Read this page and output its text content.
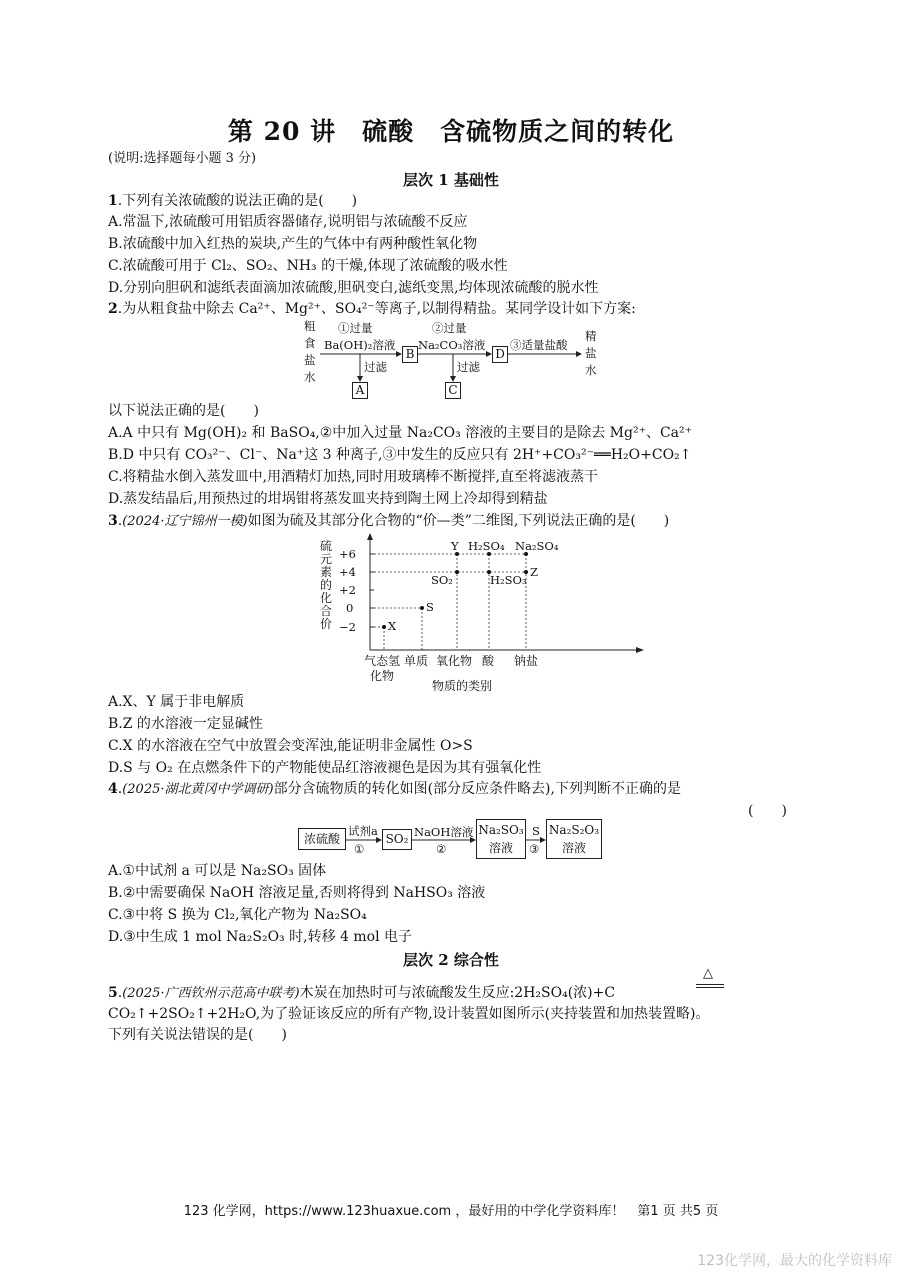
第 20 讲　硫酸　含硫物质之间的转化
(说明:选择题每小题 3 分)
层次 1 基础性
1.下列有关浓硫酸的说法正确的是(　　)
A.常温下,浓硫酸可用铝质容器储存,说明铝与浓硫酸不反应
B.浓硫酸中加入红热的炭块,产生的气体中有两种酸性氧化物
C.浓硫酸可用于 Cl₂、SO₂、NH₃ 的干燥,体现了浓硫酸的吸水性
D.分别向胆矾和滤纸表面滴加浓硫酸,胆矾变白,滤纸变黑,均体现浓硫酸的脱水性
2.为从粗食盐中除去 Ca²⁺、Mg²⁺、SO₄²⁻等离子,以制得精盐。某同学设计如下方案:
粗
食
盐
水
①过量
Ba(OH)₂溶液
过滤
A
B
②过量
Na₂CO₃溶液
过滤
C
D
③适量盐酸
精
盐
水
以下说法正确的是(　　)
A.A 中只有 Mg(OH)₂ 和 BaSO₄,②中加入过量 Na₂CO₃ 溶液的主要目的是除去 Mg²⁺、Ca²⁺
B.D 中只有 CO₃²⁻、Cl⁻、Na⁺这 3 种离子,③中发生的反应只有 2H⁺+CO₃²⁻══H₂O+CO₂↑
C.将精盐水倒入蒸发皿中,用酒精灯加热,同时用玻璃棒不断搅拌,直至将滤液蒸干
D.蒸发结晶后,用预热过的坩埚钳将蒸发皿夹持到陶土网上冷却得到精盐
3.(2024·辽宁锦州一模)如图为硫及其部分化合物的“价—类”二维图,下列说法正确的是(　　)
硫元素的化合价
+6
+4
+2
0
−2
Y H₂SO₄ Na₂SO₄
SO₂	H₂SO₃
Z
S
X
气态氢
化物
单质 氧化物 酸 钠盐
物质的类别
A.X、Y 属于非电解质
B.Z 的水溶液一定显碱性
C.X 的水溶液在空气中放置会变浑浊,能证明非金属性 O>S
D.S 与 O₂ 在点燃条件下的产物能使品红溶液褪色是因为其有强氧化性
4.(2025·湖北黄冈中学调研)部分含硫物质的转化如图(部分反应条件略去),下列判断不正确的是
(　　)
浓硫酸
试剂a
①
SO₂ NaOH溶液
②
Na₂SO₃
溶液
S
③
Na₂S₂O₃
溶液
A.①中试剂 a 可以是 Na₂SO₃ 固体
B.②中需要确保 NaOH 溶液足量,否则将得到 NaHSO₃ 溶液
C.③中将 S 换为 Cl₂,氧化产物为 Na₂SO₄
D.③中生成 1 mol Na₂S₂O₃ 时,转移 4 mol 电子
层次 2 综合性
5.(2025·广西钦州示范高中联考)木炭在加热时可与浓硫酸发生反应:2H₂SO₄(浓)+C
△
CO₂↑+2SO₂↑+2H₂O,为了验证该反应的所有产物,设计装置如图所示(夹持装置和加热装置略)。
下列有关说法错误的是(　　)
123 化学网，https://www.123huaxue.com ，最好用的中学化学资料库！　第1 页 共5 页
123化学网，最大的化学资料库
